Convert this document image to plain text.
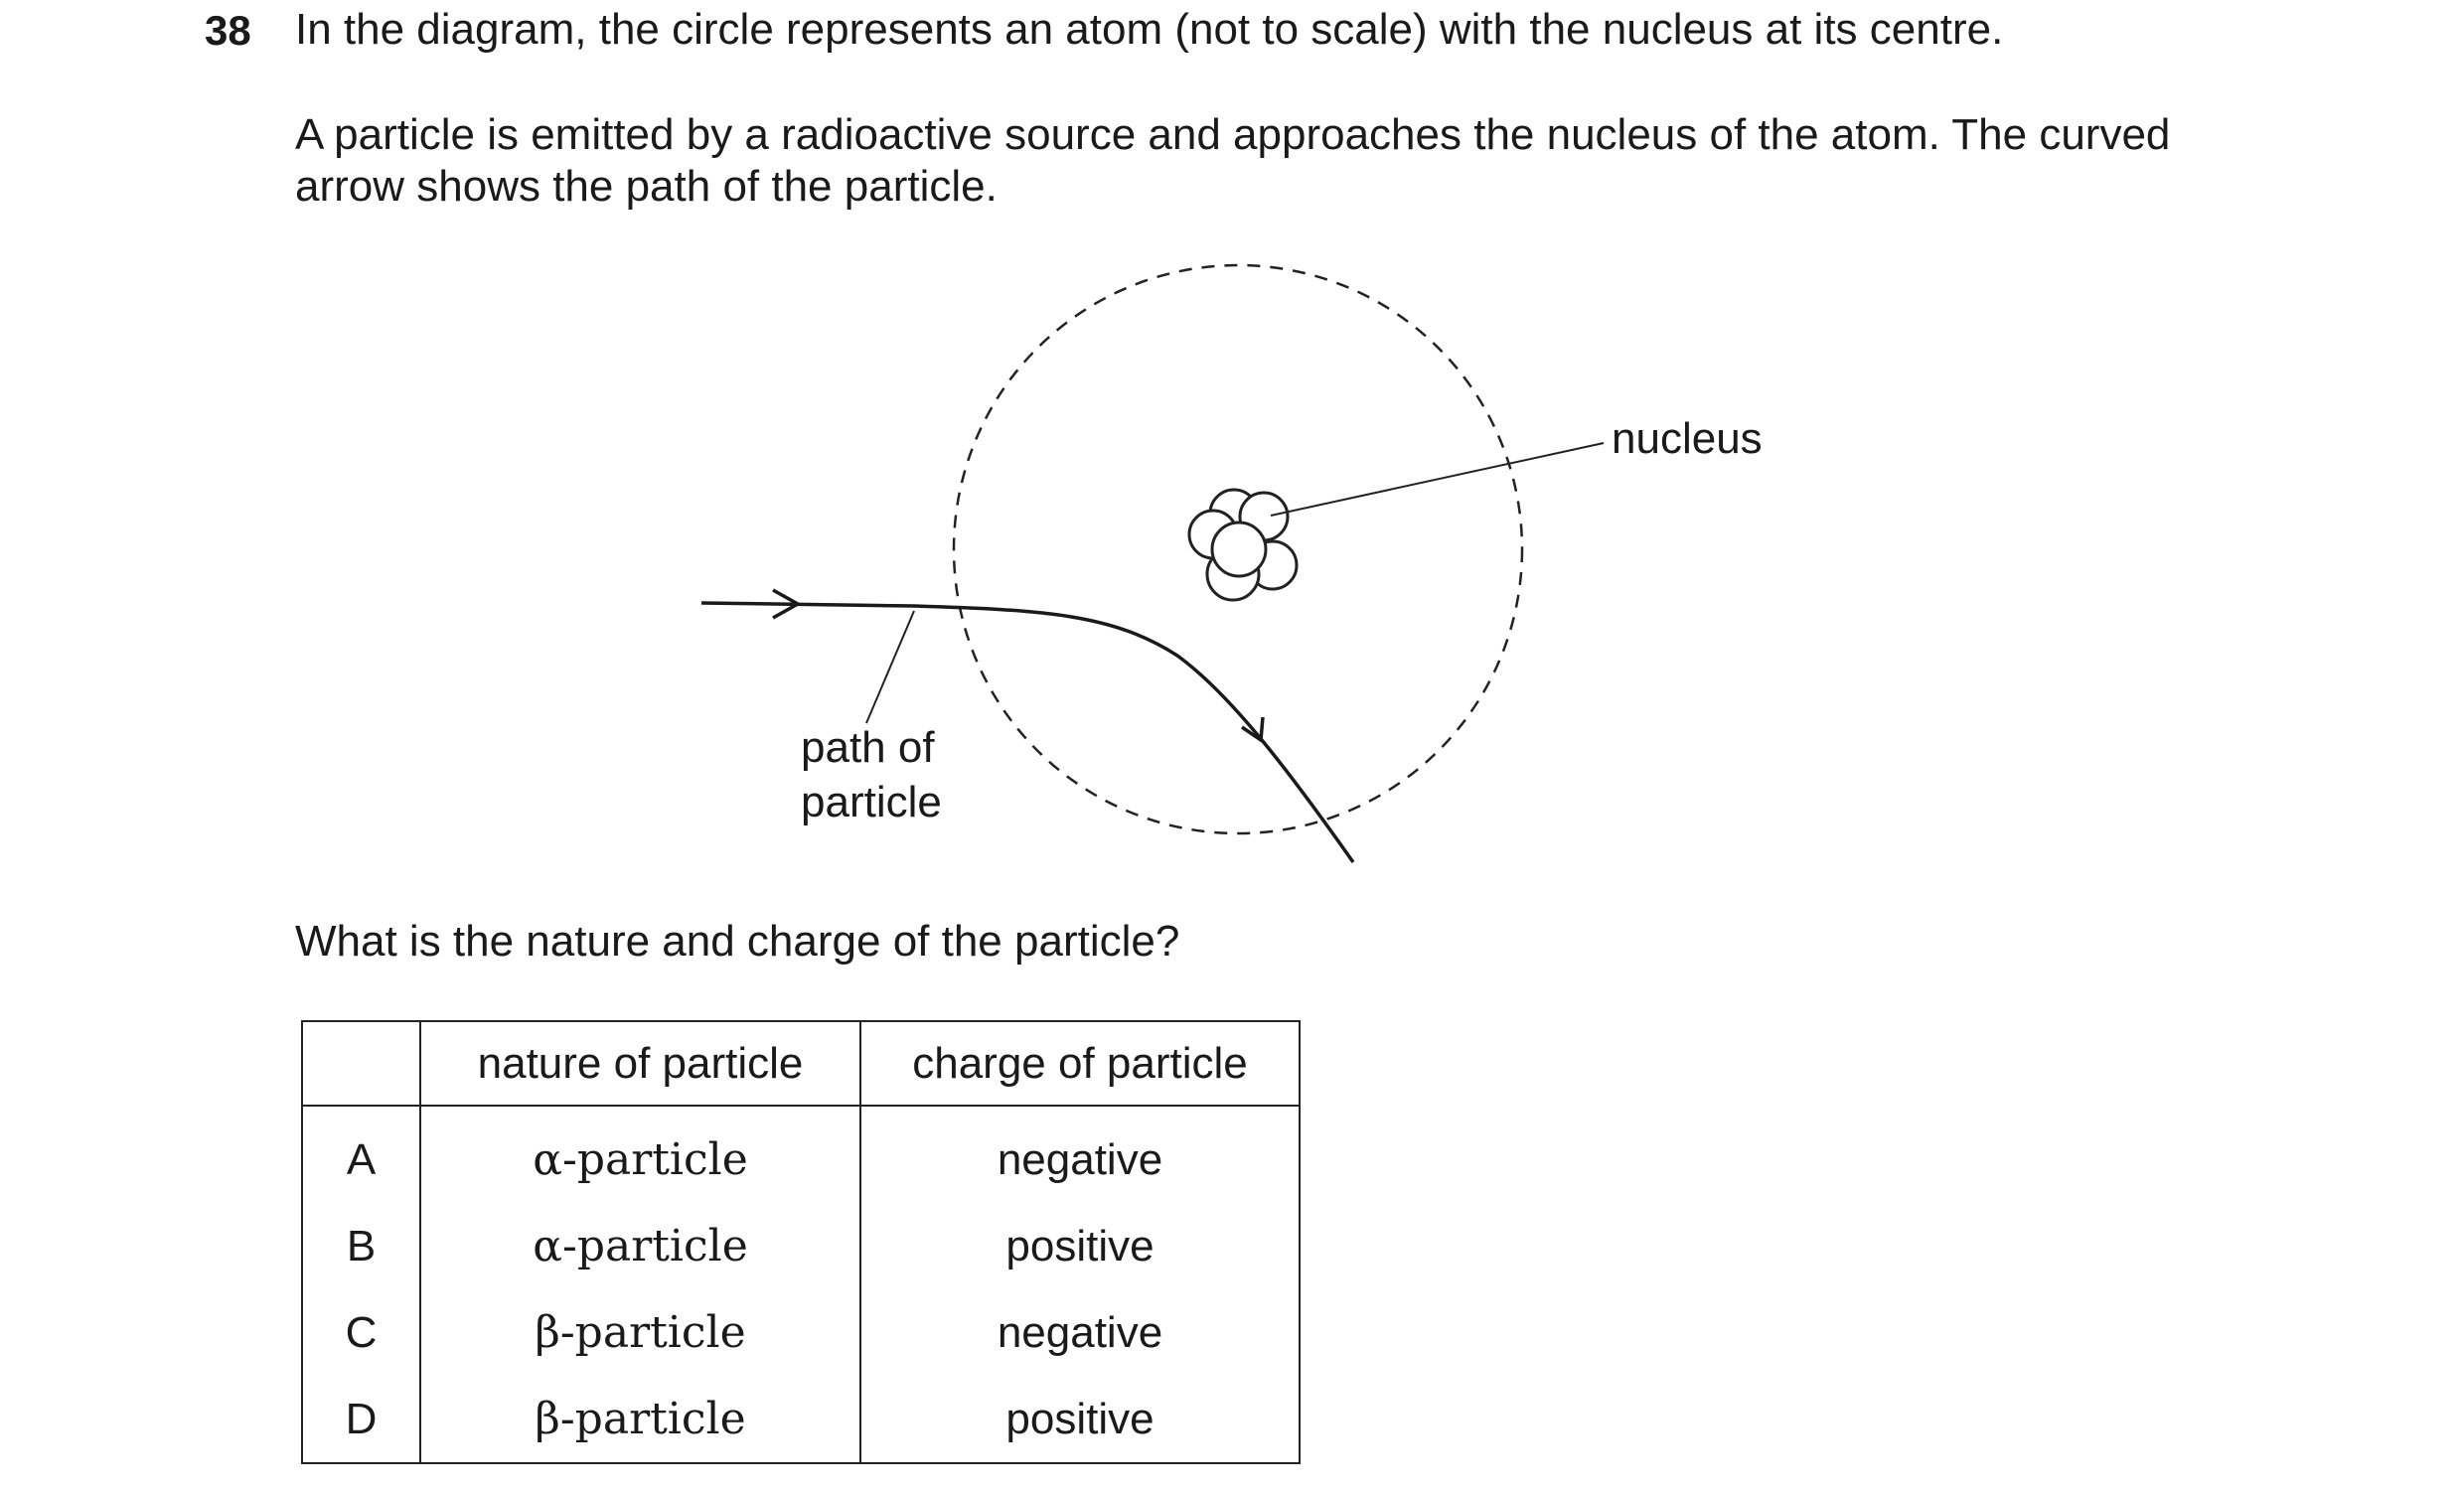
38 In the diagram, the circle represents an atom (not to scale) with the nucleus at its centre.
A particle is emitted by a radioactive source and approaches the nucleus of the atom. The curved
arrow shows the path of the particle.
nucleus
path of
particle
What is the nature and charge of the particle?
	nature of particle	charge of particle
A	α-particle	negative
B	α-particle	positive
C	β-particle	negative
D	β-particle	positive
